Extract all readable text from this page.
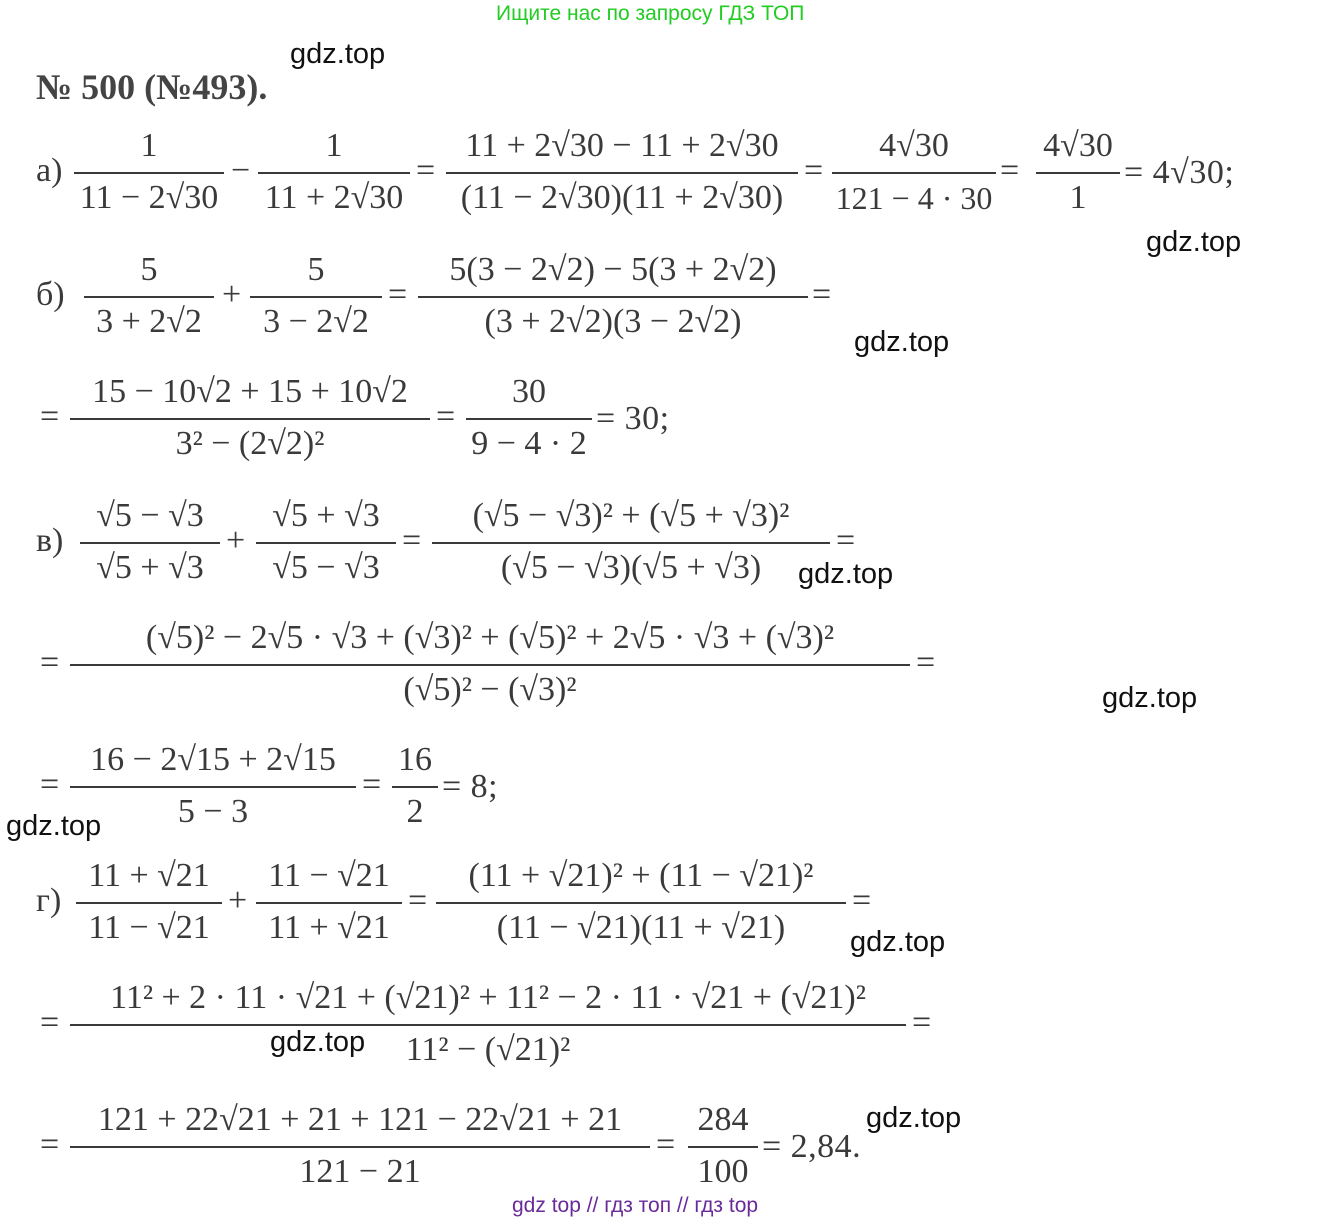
Ищите нас по запросу ГДЗ ТОП
№ 500 (№493).
gdz.top
gdz.top
gdz.top
gdz.top
gdz.top
gdz.top
gdz.top
gdz.top
gdz.top
а)
1
11 − 2√30
−
1
11 + 2√30
=
11 + 2√30 − 11 + 2√30
(11 − 2√30)(11 + 2√30)
=
4√30
121 − 4 · 30
=
4√30
1
= 4√30;
б)
5
3 + 2√2
+
5
3 − 2√2
=
5(3 − 2√2) − 5(3 + 2√2)
(3 + 2√2)(3 − 2√2)
=
=
15 − 10√2 + 15 + 10√2
3² − (2√2)²
=
30
9 − 4 · 2
= 30;
в)
√5 − √3
√5 + √3
+
√5 + √3
√5 − √3
=
(√5 − √3)² + (√5 + √3)²
(√5 − √3)(√5 + √3)
=
=
(√5)² − 2√5 · √3 + (√3)² + (√5)² + 2√5 · √3 + (√3)²
(√5)² − (√3)²
=
=
16 − 2√15 + 2√15
5 − 3
=
16
2
= 8;
г)
11 + √21
11 − √21
+
11 − √21
11 + √21
=
(11 + √21)² + (11 − √21)²
(11 − √21)(11 + √21)
=
=
11² + 2 · 11 · √21 + (√21)² + 11² − 2 · 11 · √21 + (√21)²
11² − (√21)²
=
=
121 + 22√21 + 21 + 121 − 22√21 + 21
121 − 21
=
284
100
= 2,84.
gdz top // гдз топ // гдз top
